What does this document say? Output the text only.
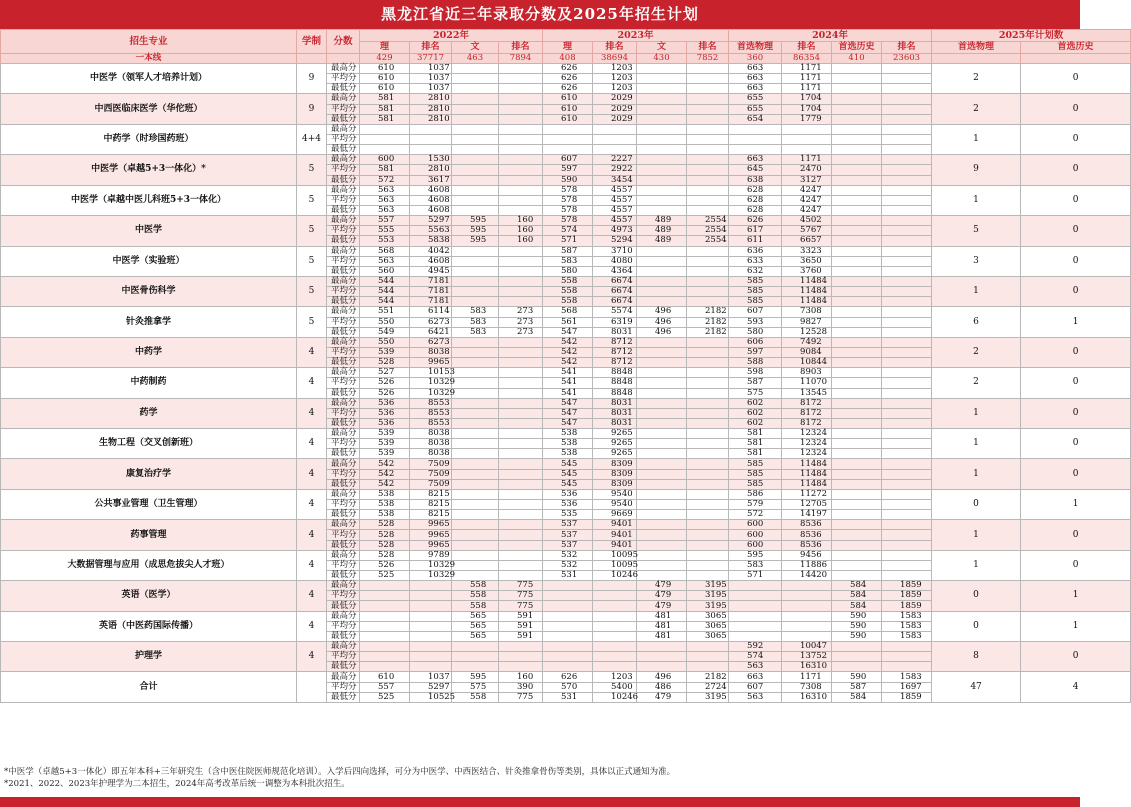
黑龙江省近三年录取分数及2025年招生计划
招生专业	学制	分数	2022年				2023年				2024年				2025年计划数	
			理	排名	文	排名	理	排名	文	排名	首选物理	排名	首选历史	排名	首选物理	首选历史
一本线			429	37717	463	7894	408	38694	430	7852	360	86354	410	23603		
中医学（领军人才培养计划）	9	最高分	610	1037			626	1203			663	1171			2	0
		平均分	610	1037			626	1203			663	1171				
		最低分	610	1037			626	1203			663	1171				
中西医临床医学（华佗班）	9	最高分	581	2810			610	2029			655	1704			2	0
		平均分	581	2810			610	2029			655	1704				
		最低分	581	2810			610	2029			654	1779				
中药学（时珍国药班）	4+4	最高分													1	0
		平均分														
		最低分														
中医学（卓越5+3一体化）*	5	最高分	600	1530			607	2227			663	1171			9	0
		平均分	581	2810			597	2922			645	2470				
		最低分	572	3617			590	3454			638	3127				
中医学（卓越中医儿科班5+3一体化）	5	最高分	563	4608			578	4557			628	4247			1	0
		平均分	563	4608			578	4557			628	4247				
		最低分	563	4608			578	4557			628	4247				
中医学	5	最高分	557	5297	595	160	578	4557	489	2554	626	4502			5	0
		平均分	555	5563	595	160	574	4973	489	2554	617	5767				
		最低分	553	5838	595	160	571	5294	489	2554	611	6657				
中医学（实验班）	5	最高分	568	4042			587	3710			636	3323			3	0
		平均分	563	4608			583	4080			633	3650				
		最低分	560	4945			580	4364			632	3760				
中医骨伤科学	5	最高分	544	7181			558	6674			585	11484			1	0
		平均分	544	7181			558	6674			585	11484				
		最低分	544	7181			558	6674			585	11484				
针灸推拿学	5	最高分	551	6114	583	273	568	5574	496	2182	607	7308			6	1
		平均分	550	6273	583	273	561	6319	496	2182	593	9827				
		最低分	549	6421	583	273	547	8031	496	2182	580	12528				
中药学	4	最高分	550	6273			542	8712			606	7492			2	0
		平均分	539	8038			542	8712			597	9084				
		最低分	528	9965			542	8712			588	10844				
中药制药	4	最高分	527	10153			541	8848			598	8903			2	0
		平均分	526	10329			541	8848			587	11070				
		最低分	526	10329			541	8848			575	13545				
药学	4	最高分	536	8553			547	8031			602	8172			1	0
		平均分	536	8553			547	8031			602	8172				
		最低分	536	8553			547	8031			602	8172				
生物工程（交叉创新班）	4	最高分	539	8038			538	9265			581	12324			1	0
		平均分	539	8038			538	9265			581	12324				
		最低分	539	8038			538	9265			581	12324				
康复治疗学	4	最高分	542	7509			545	8309			585	11484			1	0
		平均分	542	7509			545	8309			585	11484				
		最低分	542	7509			545	8309			585	11484				
公共事业管理（卫生管理）	4	最高分	538	8215			536	9540			586	11272			0	1
		平均分	538	8215			536	9540			579	12705				
		最低分	538	8215			535	9669			572	14197				
药事管理	4	最高分	528	9965			537	9401			600	8536			1	0
		平均分	528	9965			537	9401			600	8536				
		最低分	528	9965			537	9401			600	8536				
大数据管理与应用（成思危拔尖人才班）	4	最高分	528	9789			532	10095			595	9456			1	0
		平均分	526	10329			532	10095			583	11886				
		最低分	525	10329			531	10246			571	14420				
英语（医学）	4	最高分			558	775			479	3195			584	1859	0	1
		平均分			558	775			479	3195			584	1859		
		最低分			558	775			479	3195			584	1859		
英语（中医药国际传播）	4	最高分			565	591			481	3065			590	1583	0	1
		平均分			565	591			481	3065			590	1583		
		最低分			565	591			481	3065			590	1583		
护理学	4	最高分									592	10047			8	0
		平均分									574	13752				
		最低分									563	16310				
合计		最高分	610	1037	595	160	626	1203	496	2182	663	1171	590	1583	47	4
		平均分	557	5297	575	390	570	5400	486	2724	607	7308	587	1697		
		最低分	525	10525	558	775	531	10246	479	3195	563	16310	584	1859		
*中医学（卓越5+3一体化）即五年本科+三年研究生（含中医住院医师规范化培训）。入学后四向选择，可分为中医学、中西医结合、针灸推拿骨伤等类别，具体以正式通知为准。
*2021、2022、2023年护理学为二本招生，2024年高考改革后统一调整为本科批次招生。
